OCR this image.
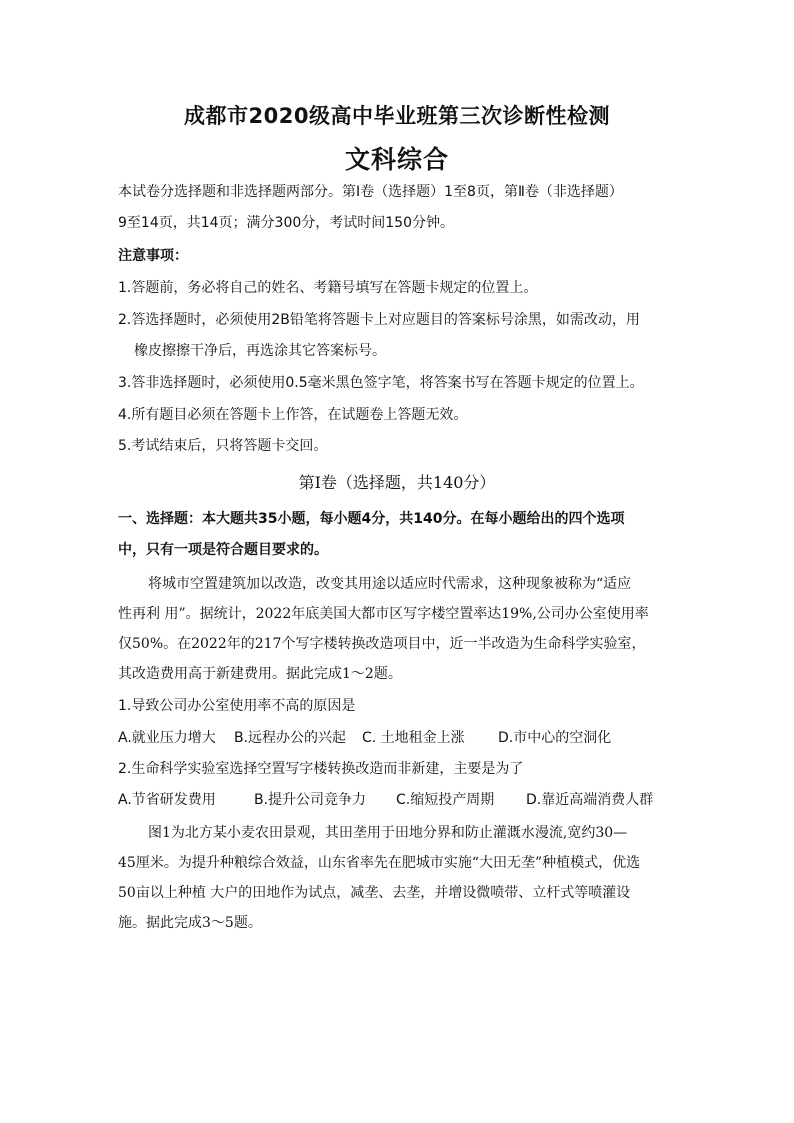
成都市2020级高中毕业班第三次诊断性检测
文科综合
本试卷分选择题和非选择题两部分。第Ⅰ卷（选择题）1至8页，第Ⅱ卷（非选择题）
9至14页，共14页；满分300分，考试时间150分钟。
注意事项：
1.答题前，务必将自己的姓名、考籍号填写在答题卡规定的位置上。
2.答选择题时，必须使用2B铅笔将答题卡上对应题目的答案标号涂黑，如需改动，用
橡皮擦擦干净后，再选涂其它答案标号。
3.答非选择题时，必须使用0.5毫米黑色签字笔，将答案书写在答题卡规定的位置上。
4.所有题目必须在答题卡上作答，在试题卷上答题无效。
5.考试结束后，只将答题卡交回。
第Ⅰ卷（选择题，共140分）
一、选择题：本大题共35小题，每小题4分，共140分。在每小题给出的四个选项
中，只有一项是符合题目要求的。
将城市空置建筑加以改造，改变其用途以适应时代需求，这种现象被称为“适应
性再利 用”。据统计，2022年底美国大都市区写字楼空置率达19%,公司办公室使用率
仅50%。在2022年的217个写字楼转换改造项目中，近一半改造为生命科学实验室，
其改造费用高于新建费用。据此完成1～2题。
1.导致公司办公室使用率不高的原因是
A.就业压力增大 B.远程办公的兴起 C. 土地租金上涨 D.市中心的空洞化
2.生命科学实验室选择空置写字楼转换改造而非新建，主要是为了
A.节省研发费用	B.提升公司竞争力 C.缩短投产周期 D.靠近高端消费人群
图1为北方某小麦农田景观，其田垄用于田地分界和防止灌溉水漫流,宽约30—
45厘米。为提升种粮综合效益，山东省率先在肥城市实施“大田无垄”种植模式，优选
50亩以上种植 大户的田地作为试点，减垄、去垄，并增设微喷带、立杆式等喷灌设
施。据此完成3～5题。
